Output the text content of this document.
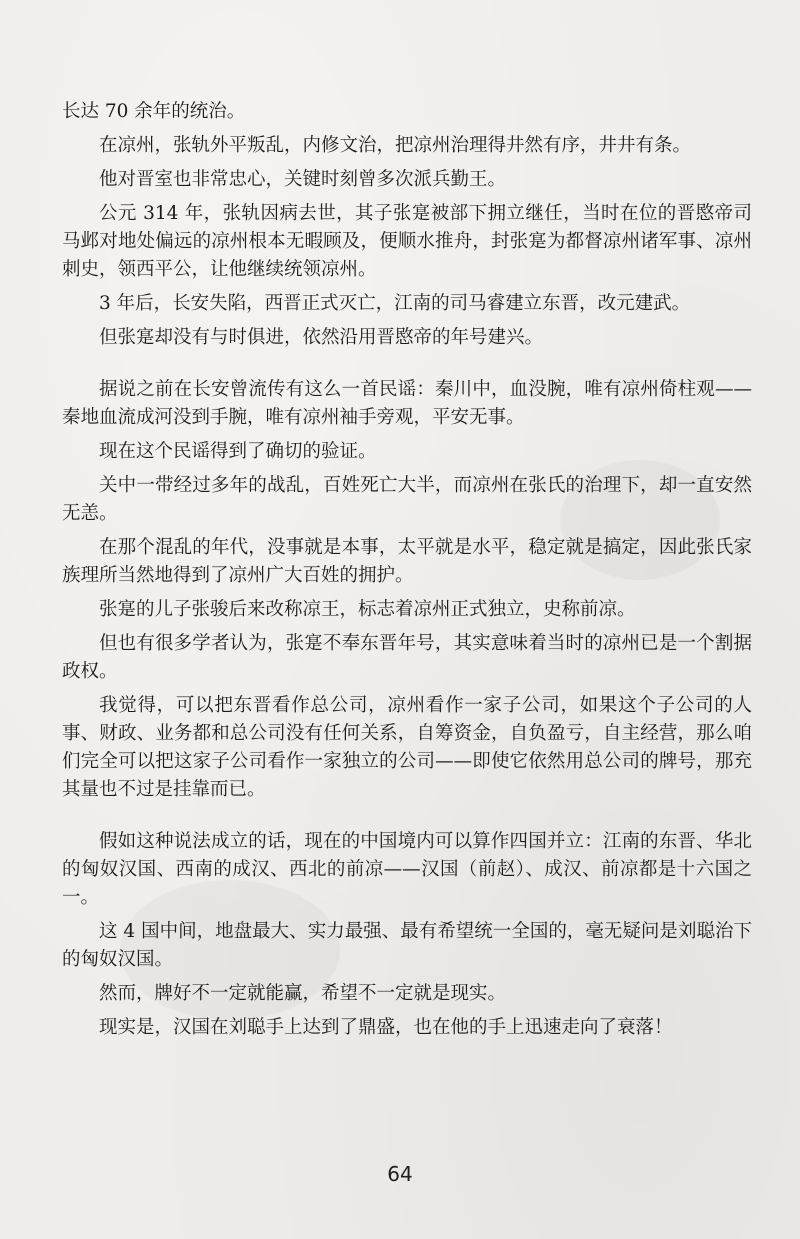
长达 70 余年的统治。

在凉州，张轨外平叛乱，内修文治，把凉州治理得井然有序，井井有条。

他对晋室也非常忠心，关键时刻曾多次派兵勤王。

公元 314 年，张轨因病去世，其子张寔被部下拥立继任，当时在位的晋愍帝司马邺对地处偏远的凉州根本无暇顾及，便顺水推舟，封张寔为都督凉州诸军事、凉州刺史，领西平公，让他继续统领凉州。

3 年后，长安失陷，西晋正式灭亡，江南的司马睿建立东晋，改元建武。

但张寔却没有与时俱进，依然沿用晋愍帝的年号建兴。

据说之前在长安曾流传有这么一首民谣：秦川中，血没腕，唯有凉州倚柱观——秦地血流成河没到手腕，唯有凉州袖手旁观，平安无事。

现在这个民谣得到了确切的验证。

关中一带经过多年的战乱，百姓死亡大半，而凉州在张氏的治理下，却一直安然无恙。

在那个混乱的年代，没事就是本事，太平就是水平，稳定就是搞定，因此张氏家族理所当然地得到了凉州广大百姓的拥护。

张寔的儿子张骏后来改称凉王，标志着凉州正式独立，史称前凉。

但也有很多学者认为，张寔不奉东晋年号，其实意味着当时的凉州已是一个割据政权。

我觉得，可以把东晋看作总公司，凉州看作一家子公司，如果这个子公司的人事、财政、业务都和总公司没有任何关系，自筹资金，自负盈亏，自主经营，那么咱们完全可以把这家子公司看作一家独立的公司——即使它依然用总公司的牌号，那充其量也不过是挂靠而已。

假如这种说法成立的话，现在的中国境内可以算作四国并立：江南的东晋、华北的匈奴汉国、西南的成汉、西北的前凉——汉国（前赵）、成汉、前凉都是十六国之一。

这 4 国中间，地盘最大、实力最强、最有希望统一全国的，毫无疑问是刘聪治下的匈奴汉国。

然而，牌好不一定就能赢，希望不一定就是现实。

现实是，汉国在刘聪手上达到了鼎盛，也在他的手上迅速走向了衰落！

64
